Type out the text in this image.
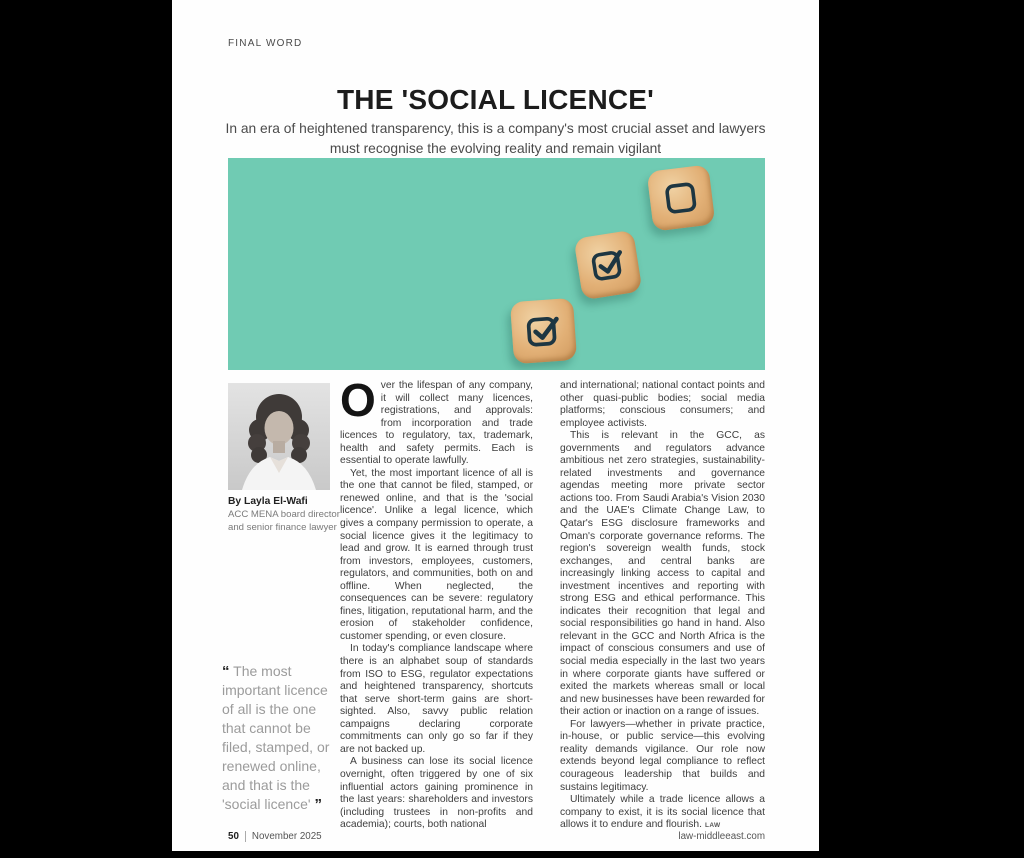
FINAL WORD
THE 'SOCIAL LICENCE'
In an era of heightened transparency, this is a company's most crucial asset and lawyers must recognise the evolving reality and remain vigilant

By Layla El-Wafi

ACC MENA board director and senior finance lawyer
“ The most important licence of all is the one that cannot be filed, stamped, or renewed online, and that is the 'social licence' ”

Over the lifespan of any company, it will collect many licences, registrations, and approvals: from incorporation and trade licences to regulatory, tax, trademark, health and safety permits. Each is essential to operate lawfully.

Yet, the most important licence of all is the one that cannot be filed, stamped, or renewed online, and that is the 'social licence'. Unlike a legal licence, which gives a company permission to operate, a social licence gives it the legitimacy to lead and grow. It is earned through trust from investors, employees, customers, regulators, and communities, both on and offline. When neglected, the consequences can be severe: regulatory fines, litigation, reputational harm, and the erosion of stakeholder confidence, customer spending, or even closure.

In today's compliance landscape where there is an alphabet soup of standards from ISO to ESG, regulator expectations and heightened transparency, shortcuts that serve short-term gains are short-sighted. Also, savvy public relation campaigns declaring corporate commitments can only go so far if they are not backed up.

A business can lose its social licence overnight, often triggered by one of six influential actors gaining prominence in the last years: shareholders and investors (including trustees in non-profits and academia); courts, both national

and international; national contact points and other quasi-public bodies; social media platforms; conscious consumers; and employee activists.

This is relevant in the GCC, as governments and regulators advance ambitious net zero strategies, sustainability-related investments and governance agendas meeting more private sector actions too. From Saudi Arabia's Vision 2030 and the UAE's Climate Change Law, to Qatar's ESG disclosure frameworks and Oman's corporate governance reforms. The region's sovereign wealth funds, stock exchanges, and central banks are increasingly linking access to capital and investment incentives and reporting with strong ESG and ethical performance. This indicates their recognition that legal and social responsibilities go hand in hand. Also relevant in the GCC and North Africa is the impact of conscious consumers and use of social media especially in the last two years in where corporate giants have suffered or exited the markets whereas small or local and new businesses have been rewarded for their action or inaction on a range of issues.

For lawyers—whether in private practice, in-house, or public service—this evolving reality demands vigilance. Our role now extends beyond legal compliance to reflect courageous leadership that builds and sustains legitimacy.

Ultimately while a trade licence allows a company to exist, it is its social licence that allows it to endure and flourish. LAW

50 November 2025	law-middleeast.com
